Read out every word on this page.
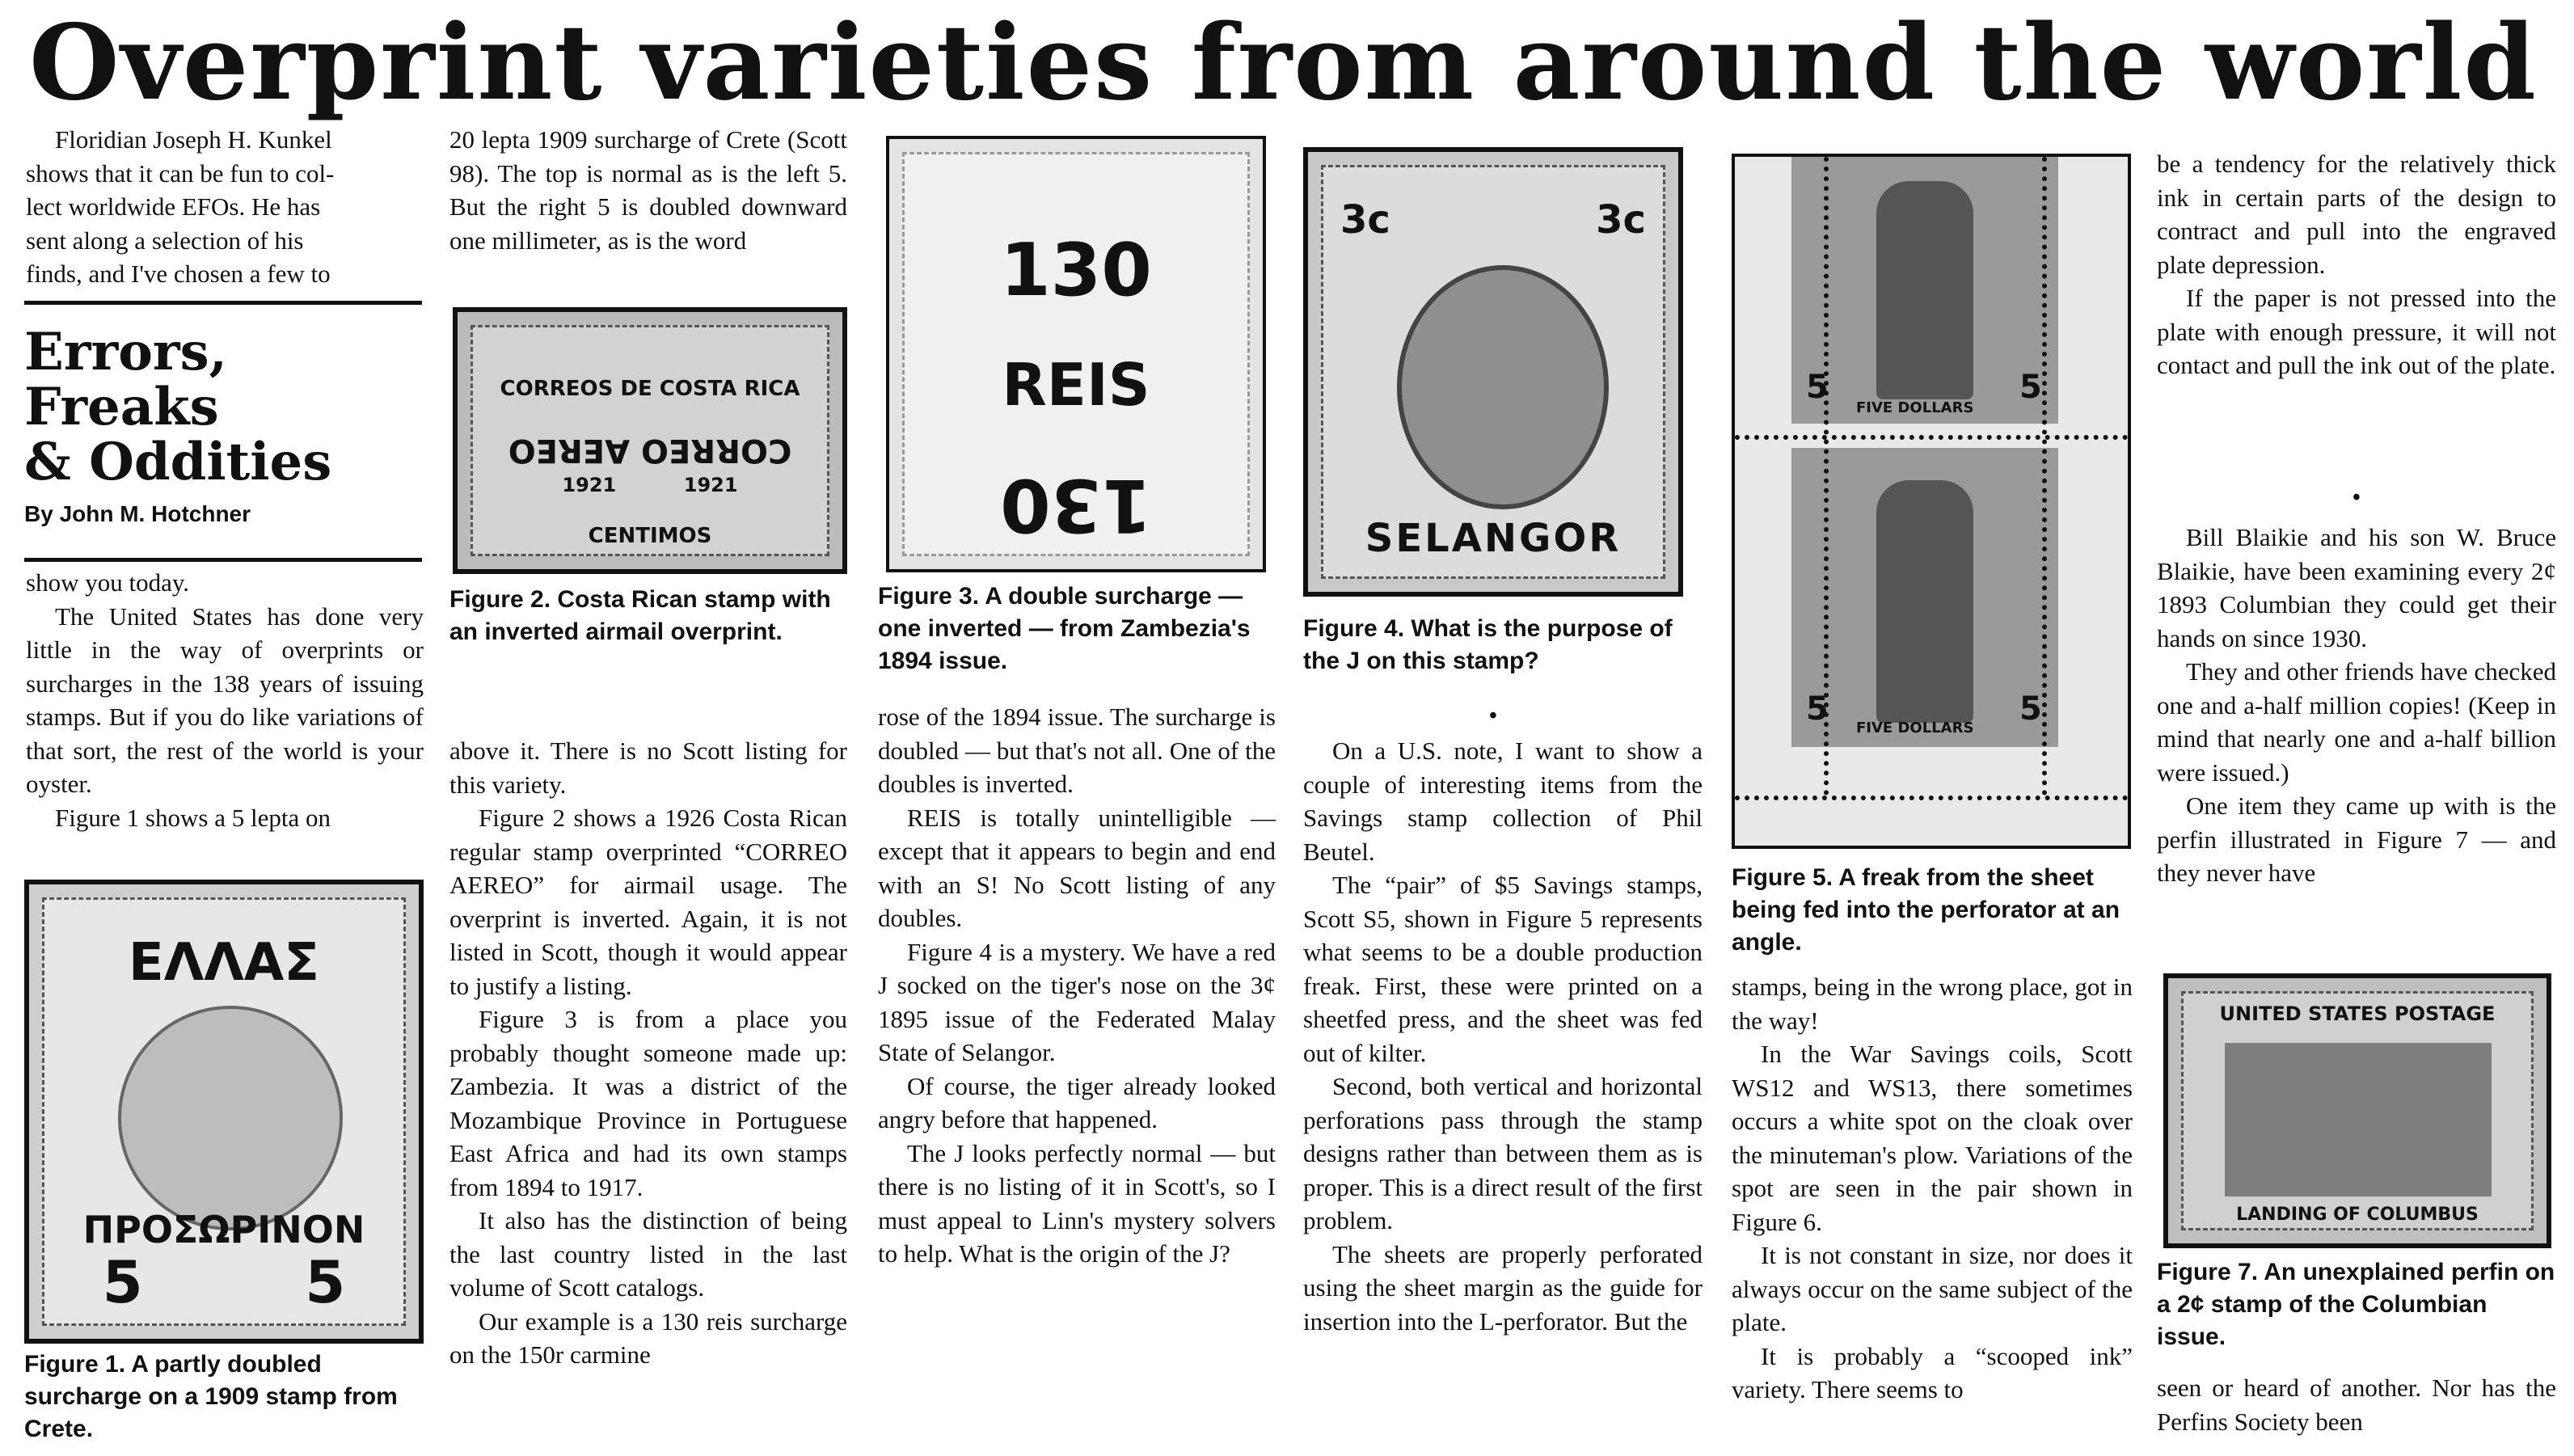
Overprint varieties from around the world

Floridian Joseph H. Kunkel

shows that it can be fun to col-

lect worldwide EFOs. He has

sent along a selection of his

finds, and I've chosen a few to

Errors,
Freaks
& Oddities
By John M. Hotchner

show you today.

The United States has done very little in the way of overprints or surcharges in the 138 years of issuing stamps. But if you do like variations of that sort, the rest of the world is your oyster.

Figure 1 shows a 5 lepta on

ΕΛΛΑΣ
ΠΡΟΣΩΡΙΝΟΝ
5        5
Figure 1. A partly doubled surcharge on a 1909 stamp from Crete.

20 lepta 1909 surcharge of Crete (Scott 98). The top is normal as is the left 5. But the right 5 is doubled downward one millimeter, as is the word

CORREOS DE COSTA RICA
CORREO AEREO
1921          1921
CENTIMOS
Figure 2. Costa Rican stamp with an inverted airmail overprint.

above it. There is no Scott listing for this variety.

Figure 2 shows a 1926 Costa Rican regular stamp overprinted “CORREO AEREO” for airmail usage. The overprint is inverted. Again, it is not listed in Scott, though it would appear to justify a listing.

Figure 3 is from a place you probably thought someone made up: Zambezia. It was a district of the Mozambique Province in Portuguese East Africa and had its own stamps from 1894 to 1917.

It also has the distinction of being the last country listed in the last volume of Scott catalogs.

Our example is a 130 reis surcharge on the 150r carmine

130
REIS
130
Figure 3. A double surcharge — one inverted — from Zambezia's 1894 issue.

rose of the 1894 issue. The surcharge is doubled — but that's not all. One of the doubles is inverted.

REIS is totally unintelligible — except that it appears to begin and end with an S! No Scott listing of any doubles.

Figure 4 is a mystery. We have a red J socked on the tiger's nose on the 3¢ 1895 issue of the Federated Malay State of Selangor.

Of course, the tiger already looked angry before that happened.

The J looks perfectly normal — but there is no listing of it in Scott's, so I must appeal to Linn's mystery solvers to help. What is the origin of the J?

3c	3c
SELANGOR
Figure 4. What is the purpose of the J on this stamp?
•

On a U.S. note, I want to show a couple of interesting items from the Savings stamp collection of Phil Beutel.

The “pair” of $5 Savings stamps, Scott S5, shown in Figure 5 represents what seems to be a double production freak. First, these were printed on a sheetfed press, and the sheet was fed out of kilter.

Second, both vertical and horizontal perforations pass through the stamp designs rather than between them as is proper. This is a direct result of the first problem.

The sheets are properly perforated using the sheet margin as the guide for insertion into the L-perforator. But the

5	5
5	5
FIVE DOLLARS
FIVE DOLLARS
Figure 5. A freak from the sheet being fed into the perforator at an angle.

stamps, being in the wrong place, got in the way!

In the War Savings coils, Scott WS12 and WS13, there sometimes occurs a white spot on the cloak over the minuteman's plow. Variations of the spot are seen in the pair shown in Figure 6.

It is not constant in size, nor does it always occur on the same subject of the plate.

It is probably a “scooped ink” variety. There seems to

be a tendency for the relatively thick ink in certain parts of the design to contract and pull into the engraved plate depression.

If the paper is not pressed into the plate with enough pressure, it will not contact and pull the ink out of the plate.

•

Bill Blaikie and his son W. Bruce Blaikie, have been examining every 2¢ 1893 Columbian they could get their hands on since 1930.

They and other friends have checked one and a-half million copies! (Keep in mind that nearly one and a-half billion were issued.)

One item they came up with is the perfin illustrated in Figure 7 — and they never have

UNITED STATES POSTAGE
LANDING OF COLUMBUS
Figure 7. An unexplained perfin on a 2¢ stamp of the Columbian issue.

seen or heard of another. Nor has the Perfins Society been
